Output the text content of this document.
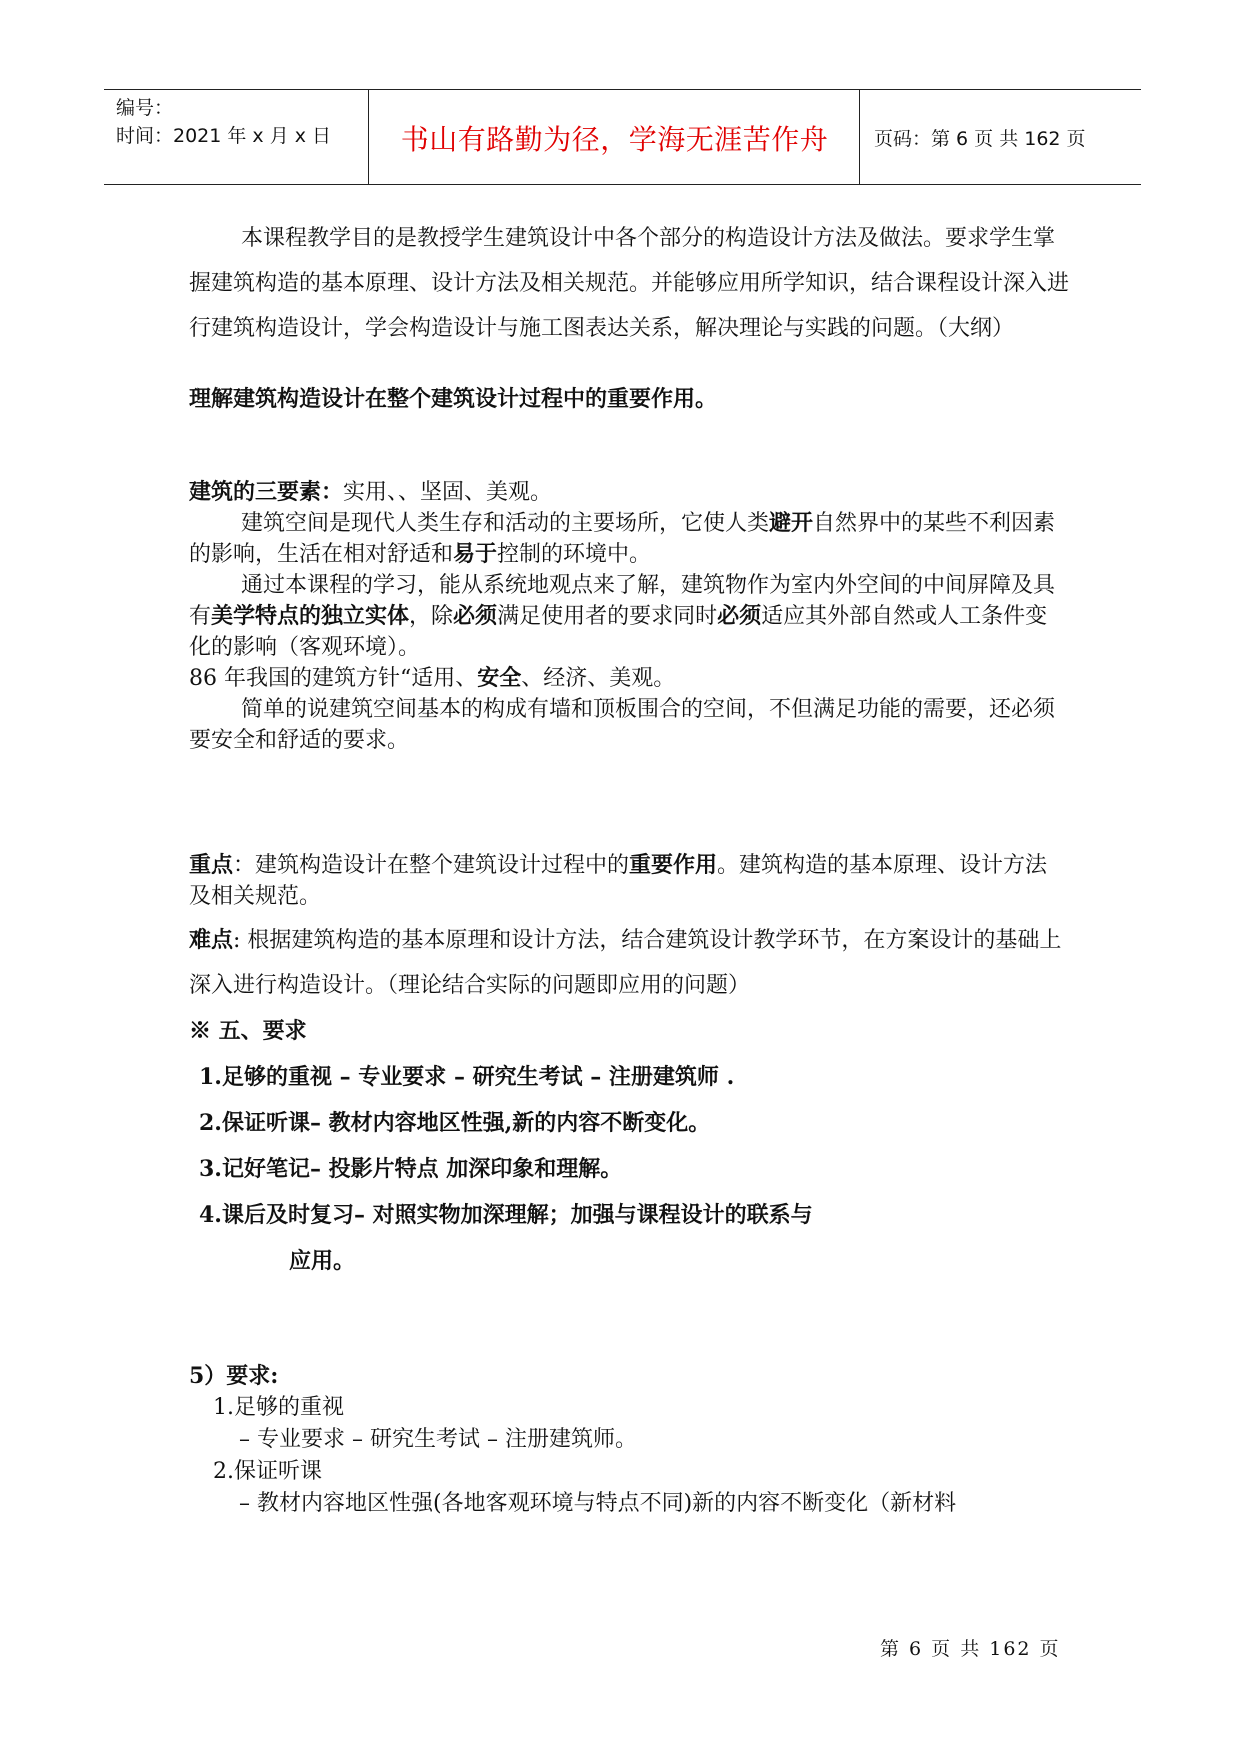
编号：
时间：2021 年 x 月 x 日	书山有路勤为径，学海无涯苦作舟	页码：第 6 页 共 162 页

本课程教学目的是教授学生建筑设计中各个部分的构造设计方法及做法。要求学生掌握建筑构造的基本原理、设计方法及相关规范。并能够应用所学知识，结合课程设计深入进行建筑构造设计，学会构造设计与施工图表达关系，解决理论与实践的问题。（大纲）

理解建筑构造设计在整个建筑设计过程中的重要作用。

建筑的三要素：实用、、坚固、美观。

建筑空间是现代人类生存和活动的主要场所，它使人类避开自然界中的某些不利因素的影响，生活在相对舒适和易于控制的环境中。

通过本课程的学习，能从系统地观点来了解，建筑物作为室内外空间的中间屏障及具有美学特点的独立实体，除必须满足使用者的要求同时必须适应其外部自然或人工条件变化的影响（客观环境）。

86 年我国的建筑方针“适用、安全、经济、美观。

简单的说建筑空间基本的构成有墙和顶板围合的空间，不但满足功能的需要，还必须要安全和舒适的要求。

重点：建筑构造设计在整个建筑设计过程中的重要作用。建筑构造的基本原理、设计方法及相关规范。

难点: 根据建筑构造的基本原理和设计方法，结合建筑设计教学环节，在方案设计的基础上深入进行构造设计。（理论结合实际的问题即应用的问题）

※ 五、要求

1.足够的重视 – 专业要求 – 研究生考试 – 注册建筑师 .

2.保证听课– 教材内容地区性强,新的内容不断变化。

3.记好笔记– 投影片特点 加深印象和理解。

4.课后及时复习– 对照实物加深理解；加强与课程设计的联系与

应用。

5）要求:

1.足够的重视

– 专业要求 – 研究生考试 – 注册建筑师。

2.保证听课

– 教材内容地区性强(各地客观环境与特点不同)新的内容不断变化（新材料

第 6 页 共 162 页
